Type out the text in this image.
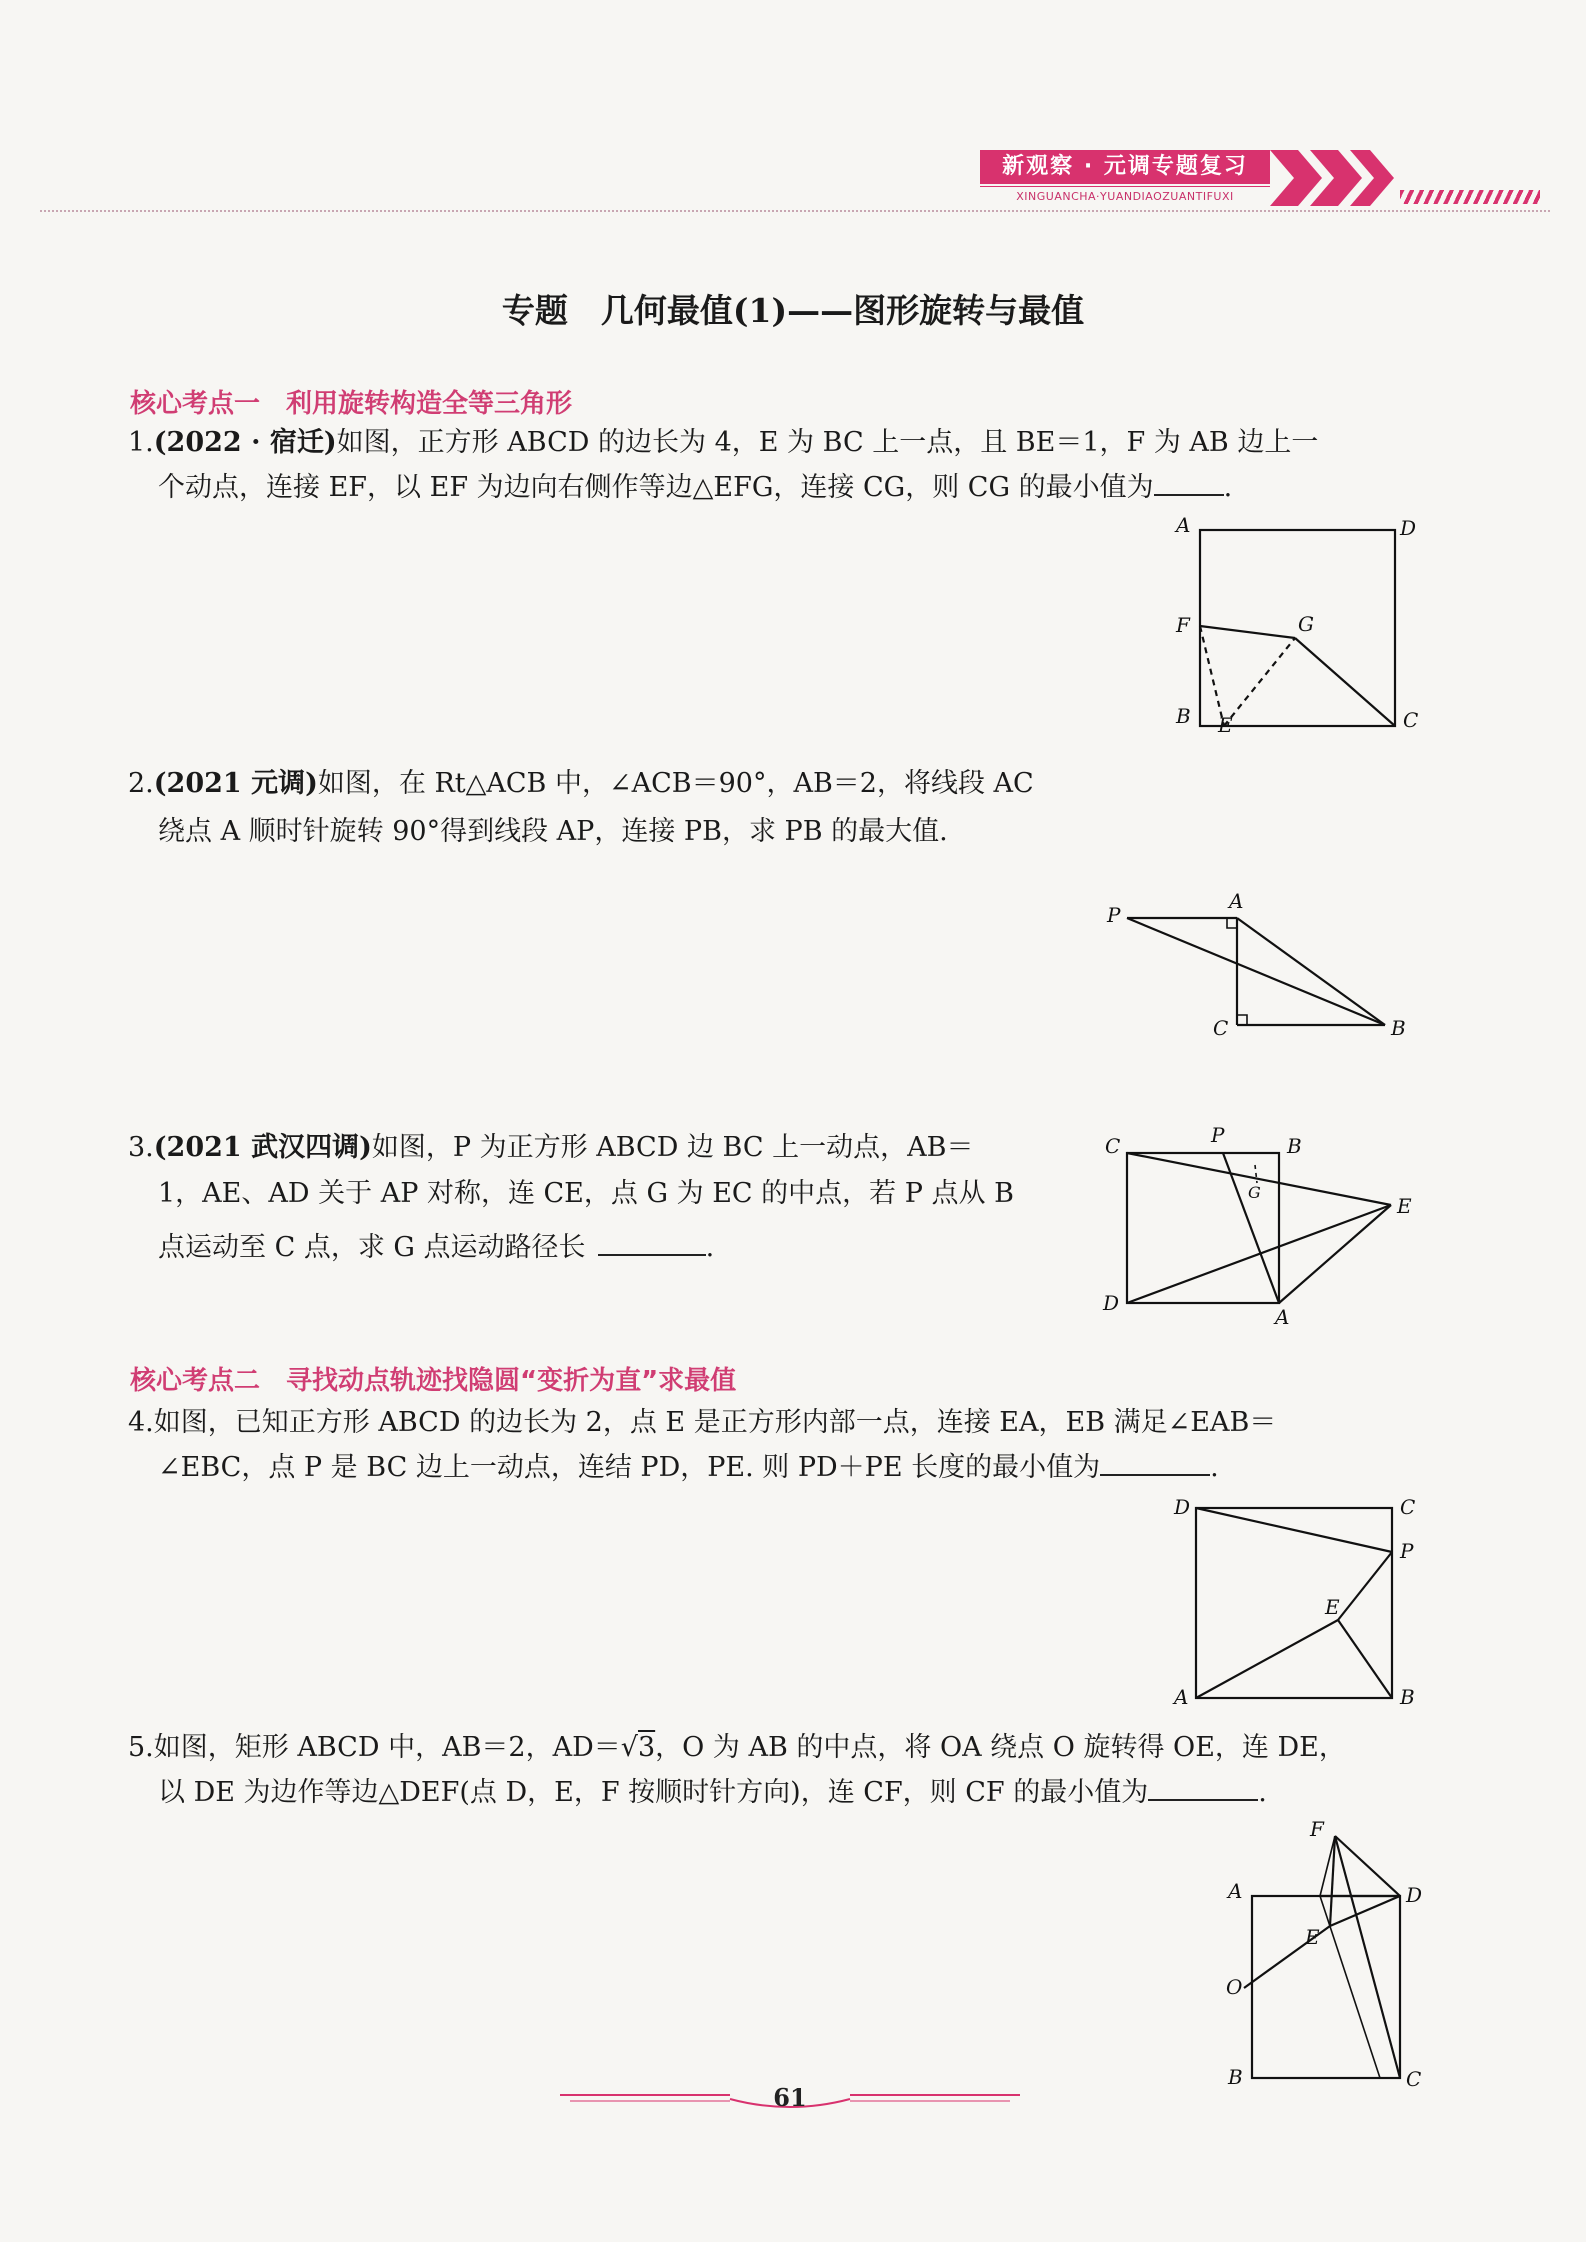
新观察 · 元调专题复习
XINGUANCHA·YUANDIAOZUANTIFUXI
专题　几何最值(1)——图形旋转与最值
核心考点一　利用旋转构造全等三角形
1.(2022 · 宿迁)如图，正方形 ABCD 的边长为 4，E 为 BC 上一点，且 BE＝1，F 为 AB 边上一
个动点，连接 EF，以 EF 为边向右侧作等边△EFG，连接 CG，则 CG 的最小值为	.
A	D
F	G
B E	C
2.(2021 元调)如图，在 Rt△ACB 中，∠ACB＝90°，AB＝2，将线段 AC
绕点 A 顺时针旋转 90°得到线段 AP，连接 PB，求 PB 的最大值.
P
A
C	B
3.(2021 武汉四调)如图，P 为正方形 ABCD 边 BC 上一动点，AB＝
1，AE、AD 关于 AP 对称，连 CE，点 G 为 EC 的中点，若 P 点从 B
点运动至 C 点，求 G 点运动路径长	.
C	P	B
G
E
D
A
核心考点二　寻找动点轨迹找隐圆“变折为直”求最值
4.如图，已知正方形 ABCD 的边长为 2，点 E 是正方形内部一点，连接 EA，EB 满足∠EAB＝
∠EBC，点 P 是 BC 边上一动点，连结 PD，PE. 则 PD＋PE 长度的最小值为	.
D	C
P
E
A	B
5.如图，矩形 ABCD 中，AB＝2，AD＝√3，O 为 AB 的中点，将 OA 绕点 O 旋转得 OE，连 DE，
以 DE 为边作等边△DEF(点 D，E，F 按顺时针方向)，连 CF，则 CF 的最小值为	.
F
A	D
E
O
B	C
61
